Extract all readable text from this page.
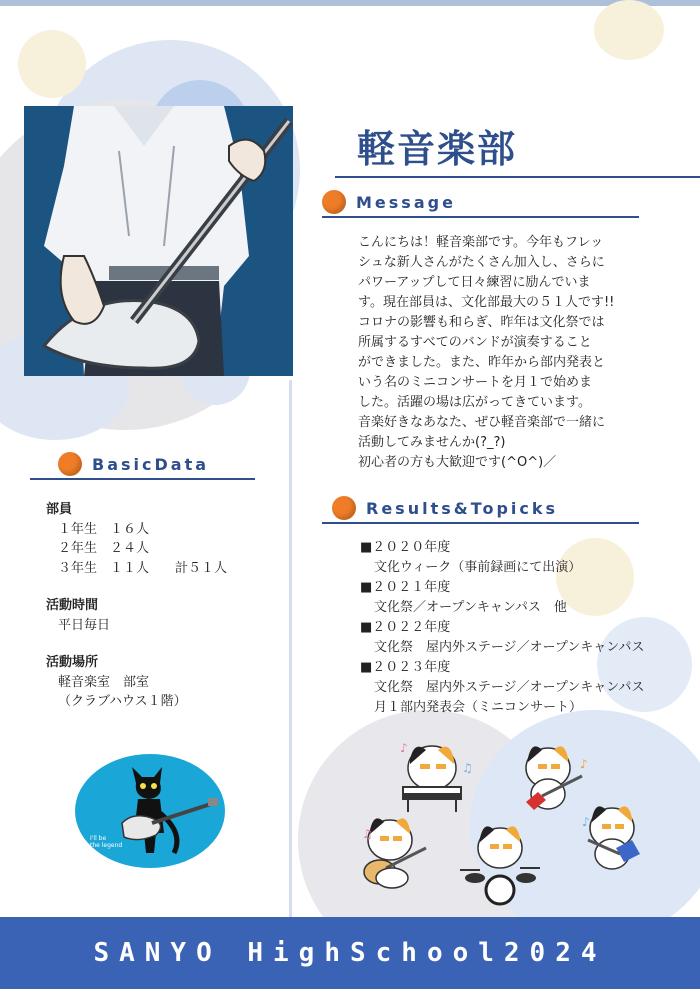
軽音楽部
Message

こんにちは！軽音楽部です。今年もフレッ

シュな新人さんがたくさん加入し、さらに

パワーアップして日々練習に励んでいま

す。現在部員は、文化部最大の５１人です!!

コロナの影響も和らぎ、昨年は文化祭では

所属するすべてのバンドが演奏すること

ができました。また、昨年から部内発表と

いう名のミニコンサートを月１で始めま

した。活躍の場は広がってきています。

音楽好きなあなた、ぜひ軽音楽部で一緒に

活動してみませんか(?_?)

初心者の方も大歓迎です(^O^)／

BasicData
部員
１年生　１６人
２年生　２４人
３年生　１１人　　計５１人
活動時間
平日毎日
活動場所
軽音楽室　部室
（クラブハウス１階）
I'll be
the legend
Results&Topicks
■２０２０年度
文化ウィーク（事前録画にて出演）
■２０２１年度
文化祭／オープンキャンパス　他
■２０２２年度
文化祭　屋内外ステージ／オープンキャンパス
■２０２３年度
文化祭　屋内外ステージ／オープンキャンパス
月１部内発表会（ミニコンサート）
♪
♫	♪
♫
♪
SANYO HighSchool2024
